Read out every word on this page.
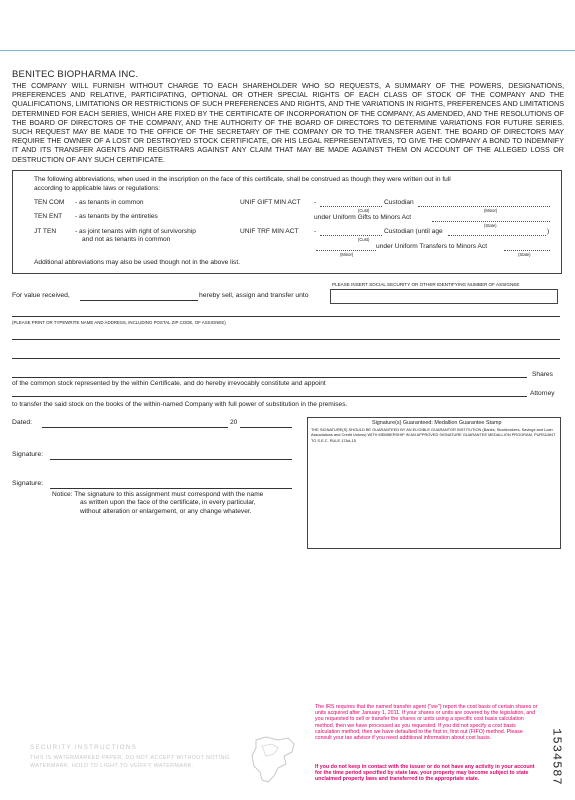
BENITEC BIOPHARMA INC.
THE COMPANY WILL FURNISH WITHOUT CHARGE TO EACH SHAREHOLDER WHO SO REQUESTS, A SUMMARY OF THE POWERS, DESIGNATIONS, PREFERENCES AND RELATIVE, PARTICIPATING, OPTIONAL OR OTHER SPECIAL RIGHTS OF EACH CLASS OF STOCK OF THE COMPANY AND THE QUALIFICATIONS, LIMITATIONS OR RESTRICTIONS OF SUCH PREFERENCES AND RIGHTS, AND THE VARIATIONS IN RIGHTS, PREFERENCES AND LIMITATIONS DETERMINED FOR EACH SERIES, WHICH ARE FIXED BY THE CERTIFICATE OF INCORPORATION OF THE COMPANY, AS AMENDED, AND THE RESOLUTIONS OF THE BOARD OF DIRECTORS OF THE COMPANY, AND THE AUTHORITY OF THE BOARD OF DIRECTORS TO DETERMINE VARIATIONS FOR FUTURE SERIES. SUCH REQUEST MAY BE MADE TO THE OFFICE OF THE SECRETARY OF THE COMPANY OR TO THE TRANSFER AGENT. THE BOARD OF DIRECTORS MAY REQUIRE THE OWNER OF A LOST OR DESTROYED STOCK CERTIFICATE, OR HIS LEGAL REPRESENTATIVES, TO GIVE THE COMPANY A BOND TO INDEMNIFY IT AND ITS TRANSFER AGENTS AND REGISTRARS AGAINST ANY CLAIM THAT MAY BE MADE AGAINST THEM ON ACCOUNT OF THE ALLEGED LOSS OR DESTRUCTION OF ANY SUCH CERTIFICATE.
The following abbreviations, when used in the inscription on the face of this certificate, shall be construed as though they were written out in full
according to applicable laws or regulations:
TEN COM - as tenants in common
TEN ENT - as tenants by the entireties
JT TEN	- as joint tenants with right of survivorship
and not as tenants in common
UNIF GIFT MIN ACT -	Custodian
(Cust)	(Minor)
under Uniform Gifts to Minors Act
(State)
UNIF TRF MIN ACT -	Custodian (until age	)
(Cust)
under Uniform Transfers to Minors Act
(Minor)	(State)
Additional abbreviations may also be used though not in the above list.
PLEASE INSERT SOCIAL SECURITY OR OTHER IDENTIFYING NUMBER OF ASSIGNEE
For value received,	hereby sell, assign and transfer unto
(PLEASE PRINT OR TYPEWRITE NAME AND ADDRESS, INCLUDING POSTAL ZIP CODE, OF ASSIGNEE)
Shares
of the common stock represented by the within Certificate, and do hereby irrevocably constitute and appoint
Attorney
to transfer the said stock on the books of the within-named Company with full power of substitution in the premises.
Dated:	20
Signature:
Signature:
Notice: The signature to this assignment must correspond with the name
as written upon the face of the certificate, in every particular,
without alteration or enlargement, or any change whatever.
Signature(s) Guaranteed: Medallion Guarantee Stamp
THE SIGNATURE(S) SHOULD BE GUARANTEED BY AN ELIGIBLE GUARANTOR INSTITUTION (Banks, Stockbrokers, Savings and Loan Associations and Credit Unions) WITH MEMBERSHIP IN AN APPROVED SIGNATURE GUARANTEE MEDALLION PROGRAM, PURSUANT TO S.E.C. RULE 17Ad-15
The IRS requires that the named transfer agent ("we") report the cost basis of certain shares or units acquired after January 1, 2011. If your shares or units are covered by the legislation, and you requested to sell or transfer the shares or units using a specific cost basis calculation method, then we have processed as you requested. If you did not specify a cost basis calculation method, then we have defaulted to the first in, first out (FIFO) method. Please consult your tax advisor if you need additional information about cost basis.
If you do not keep in contact with the issuer or do not have any activity in your account for the time period specified by state law, your property may become subject to state unclaimed property laws and transferred to the appropriate state.
SECURITY INSTRUCTIONS
THIS IS WATERMARKED PAPER, DO NOT ACCEPT WITHOUT NOTING
WATERMARK. HOLD TO LIGHT TO VERIFY WATERMARK.	1534587
